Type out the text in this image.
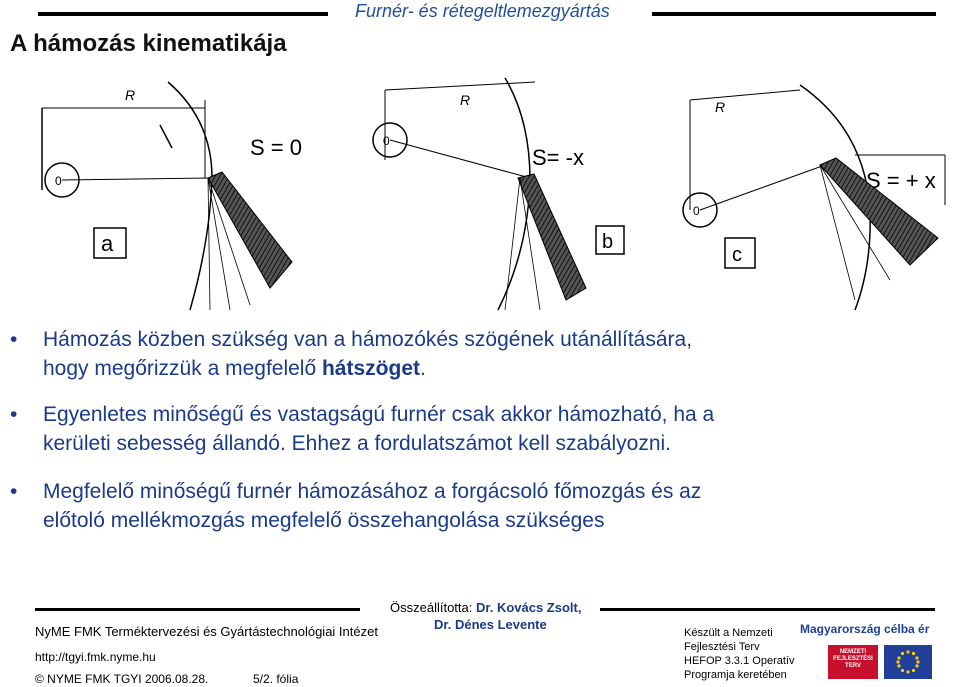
Furnér- és rétegeltlemezgyártás
A hámozás kinematikája
0
R
S = 0
a
0
R
S= -x
b
0
R
S = + x
c
• Hámozás közben szükség van a hámozókés szögének utánállítására,
hogy megőrizzük a megfelelő hátszöget.
• Egyenletes minőségű és vastagságú furnér csak akkor hámozható, ha a
kerületi sebesség állandó. Ehhez a fordulatszámot kell szabályozni.
• Megfelelő minőségű furnér hámozásához a forgácsoló főmozgás és az
előtoló mellékmozgás megfelelő összehangolása szükséges
Összeállította: Dr. Kovács Zsolt,
Dr. Dénes Levente
NyME FMK Terméktervezési és Gyártástechnológiai Intézet
http://tgyi.fmk.nyme.hu
© NYME FMK TGYI 2006.08.28.	5/2. fólia
Készült a Nemzeti
Fejlesztési Terv
HEFOP 3.3.1 Operatív
Programja keretében
Magyarország célba ér
NEMZETI FEJLESZTÉSI TERV
